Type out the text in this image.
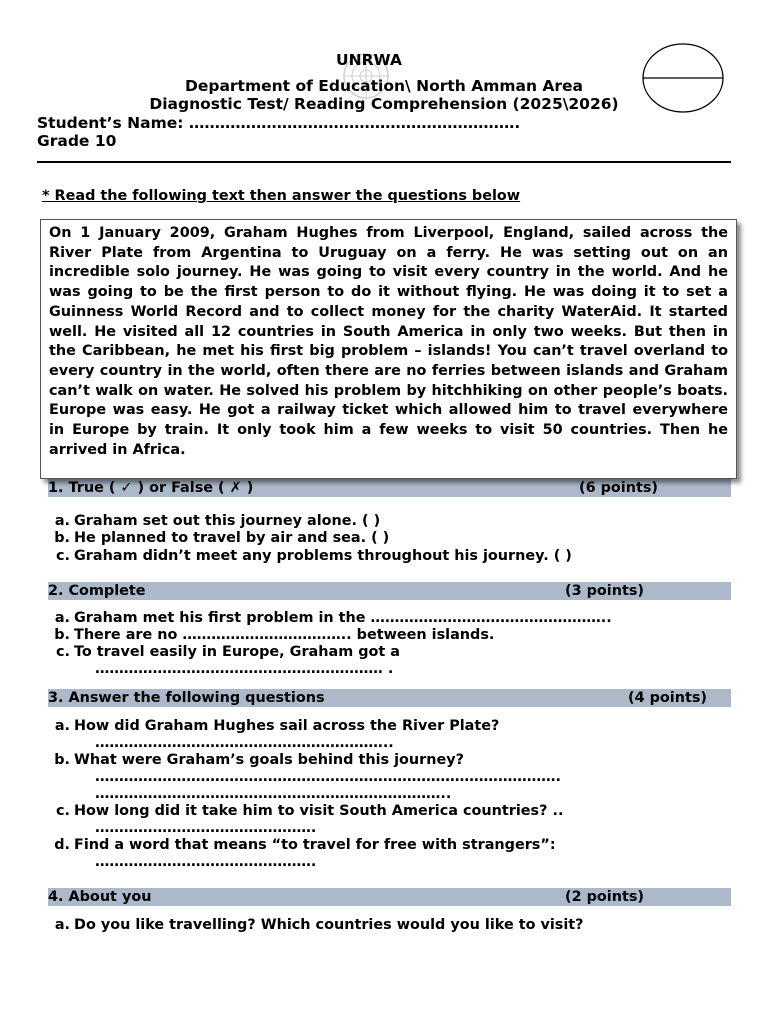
UNRWA
Department of Education\ North Amman Area
Diagnostic Test/ Reading Comprehension (2025\2026)
Student’s Name: ……………………………………………………….
Grade 10
* Read the following text then answer the questions below
1. True ( ✓ ) or False ( ✗ )	(6 points)
On 1 January 2009, Graham Hughes from Liverpool, England, sailed across the River Plate from Argentina to Uruguay on a ferry. He was setting out on an incredible solo journey. He was going to visit every country in the world. And he was going to be the first person to do it without flying. He was doing it to set a Guinness World Record and to collect money for the charity WaterAid. It started well. He visited all 12 countries in South America in only two weeks. But then in the Caribbean, he met his first big problem – islands! You can’t travel overland to every country in the world, often there are no ferries between islands and Graham can’t walk on water. He solved his problem by hitchhiking on other people’s boats. Europe was easy. He got a railway ticket which allowed him to travel everywhere in Europe by train. It only took him a few weeks to visit 50 countries. Then he arrived in Africa.
a. Graham set out this journey alone. ( )
b. He planned to travel by air and sea. ( )
c. Graham didn’t meet any problems throughout his journey. ( )
2. Complete	(3 points)
a. Graham met his first problem in the …………………………………………..
b. There are no …………………………….. between islands.
c. To travel easily in Europe, Graham got a
…………………………………………………… .
3. Answer the following questions	(4 points)
a. How did Graham Hughes sail across the River Plate?
……………………………………………………..
b. What were Graham’s goals behind this journey?
…………………………………………………………………………………….
………………………………………………………………..
c. How long did it take him to visit South America countries? ..
……………………………………….
d. Find a word that means “to travel for free with strangers”:
……………………………………….
4. About you	(2 points)
a. Do you like travelling? Which countries would you like to visit?
